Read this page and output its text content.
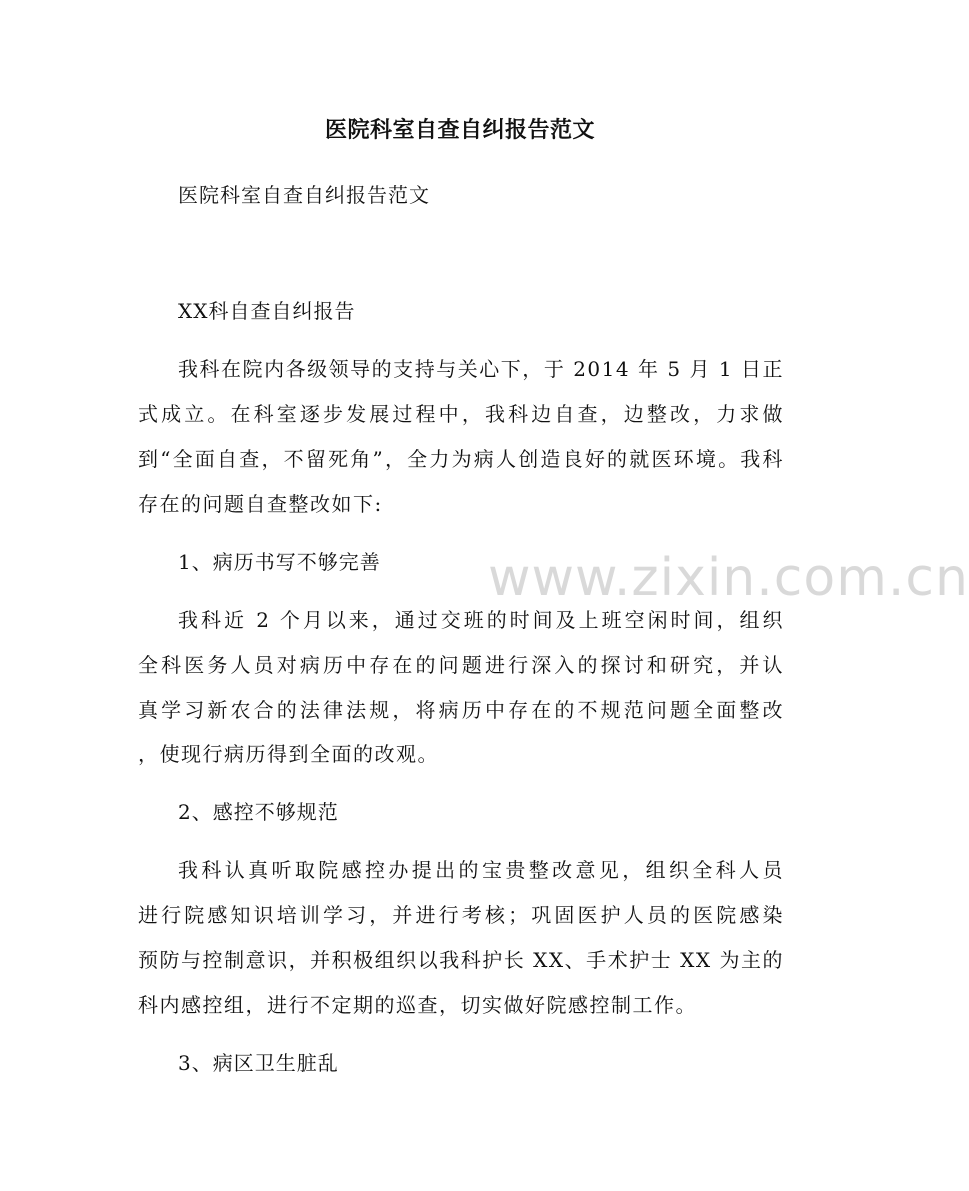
医院科室自查自纠报告范文
医院科室自查自纠报告范文
XX科自查自纠报告
我科在院内各级领导的支持与关心下，于 2014 年 5 月 1 日正
式成立。在科室逐步发展过程中，我科边自查，边整改，力求做
到“全面自查，不留死角”，全力为病人创造良好的就医环境。我科
存在的问题自查整改如下:
1、病历书写不够完善
我科近 2 个月以来，通过交班的时间及上班空闲时间，组织
全科医务人员对病历中存在的问题进行深入的探讨和研究，并认
真学习新农合的法律法规，将病历中存在的不规范问题全面整改
，使现行病历得到全面的改观。
2、感控不够规范
我科认真听取院感控办提出的宝贵整改意见，组织全科人员
进行院感知识培训学习，并进行考核；巩固医护人员的医院感染
预防与控制意识，并积极组织以我科护长 XX、手术护士 XX 为主的
科内感控组，进行不定期的巡查，切实做好院感控制工作。
3、病区卫生脏乱
www.zixin.com.cn
